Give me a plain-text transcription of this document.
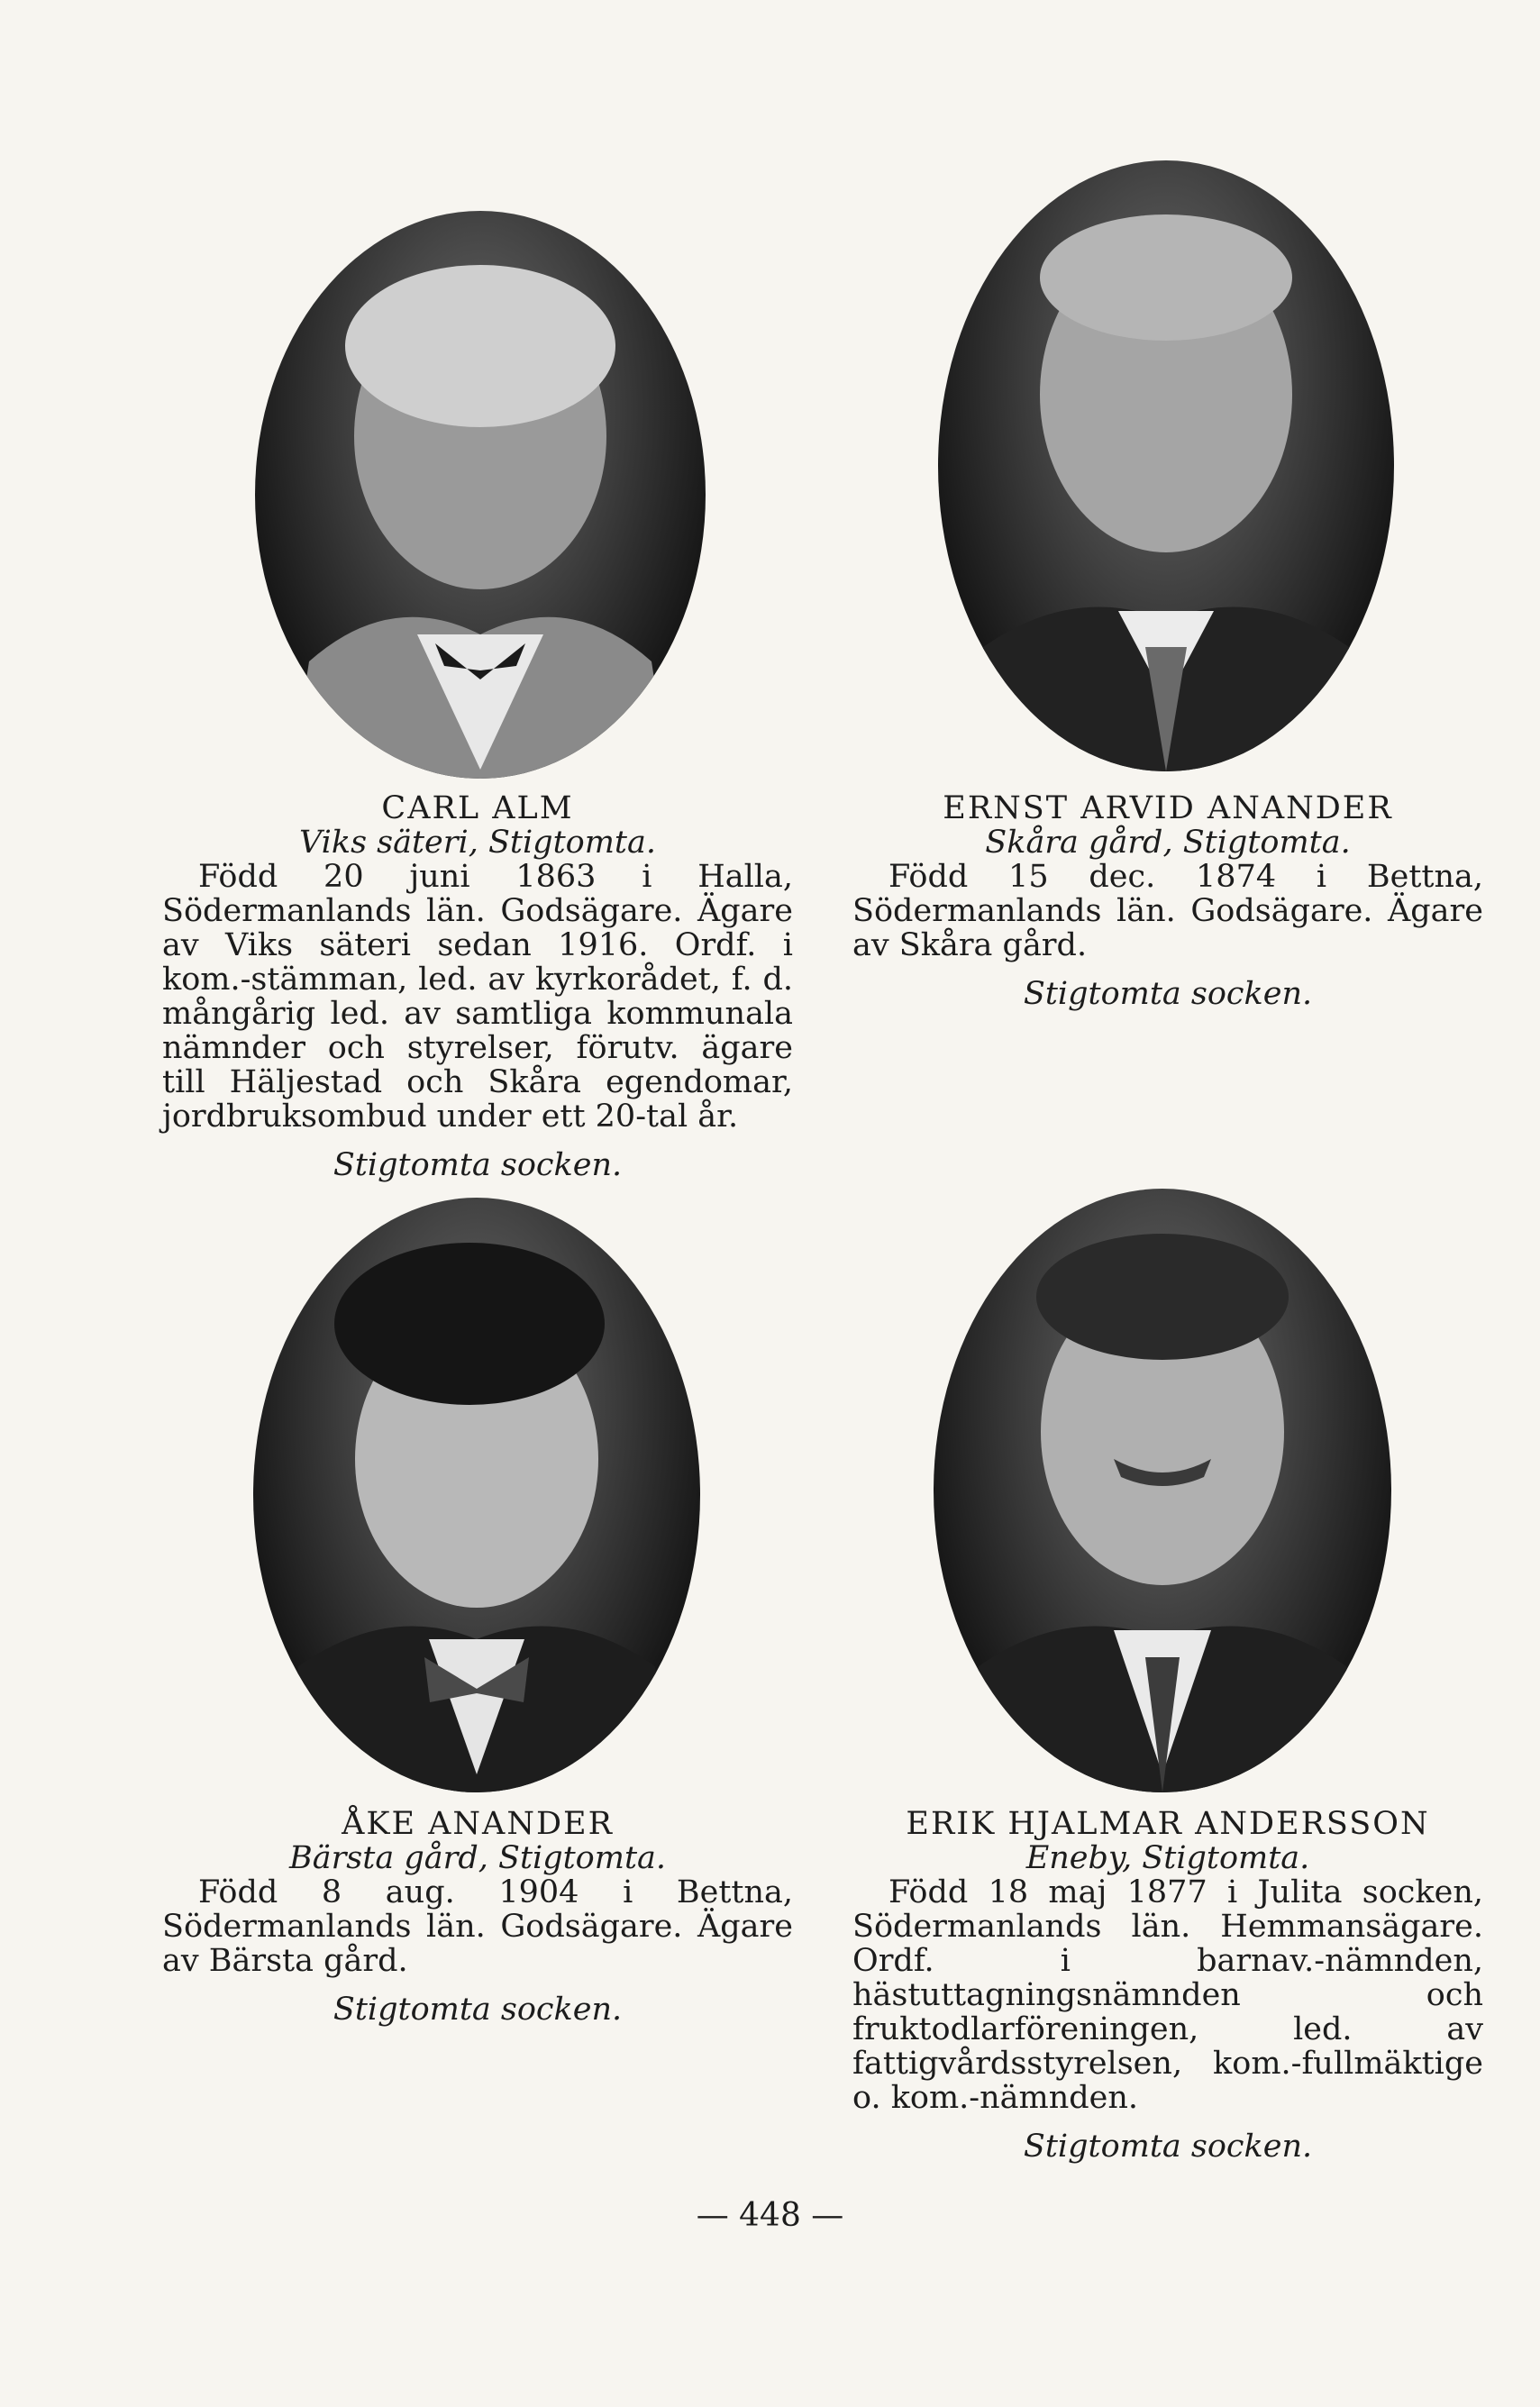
CARL ALM
Viks säteri, Stigtomta.

Född 20 juni 1863 i Halla, Södermanlands län. Godsägare. Ägare av Viks säteri sedan 1916. Ordf. i kom.-stämman, led. av kyrkorådet, f. d. mångårig led. av samtliga kommunala nämnder och styrelser, förutv. ägare till Häljestad och Skåra egendomar, jordbruksombud under ett 20-tal år.

Stigtomta socken.
ERNST ARVID ANANDER
Skåra gård, Stigtomta.

Född 15 dec. 1874 i Bettna, Södermanlands län. Godsägare. Ägare av Skåra gård.

Stigtomta socken.
ÅKE ANANDER
Bärsta gård, Stigtomta.

Född 8 aug. 1904 i Bettna, Södermanlands län. Godsägare. Ägare av Bärsta gård.

Stigtomta socken.
ERIK HJALMAR ANDERSSON
Eneby, Stigtomta.

Född 18 maj 1877 i Julita socken, Södermanlands län. Hemmansägare. Ordf. i barnav.-nämnden, hästuttagningsnämnden och fruktodlarföreningen, led. av fattigvårdsstyrelsen, kom.-fullmäktige o. kom.-nämnden.

Stigtomta socken.
— 448 —
